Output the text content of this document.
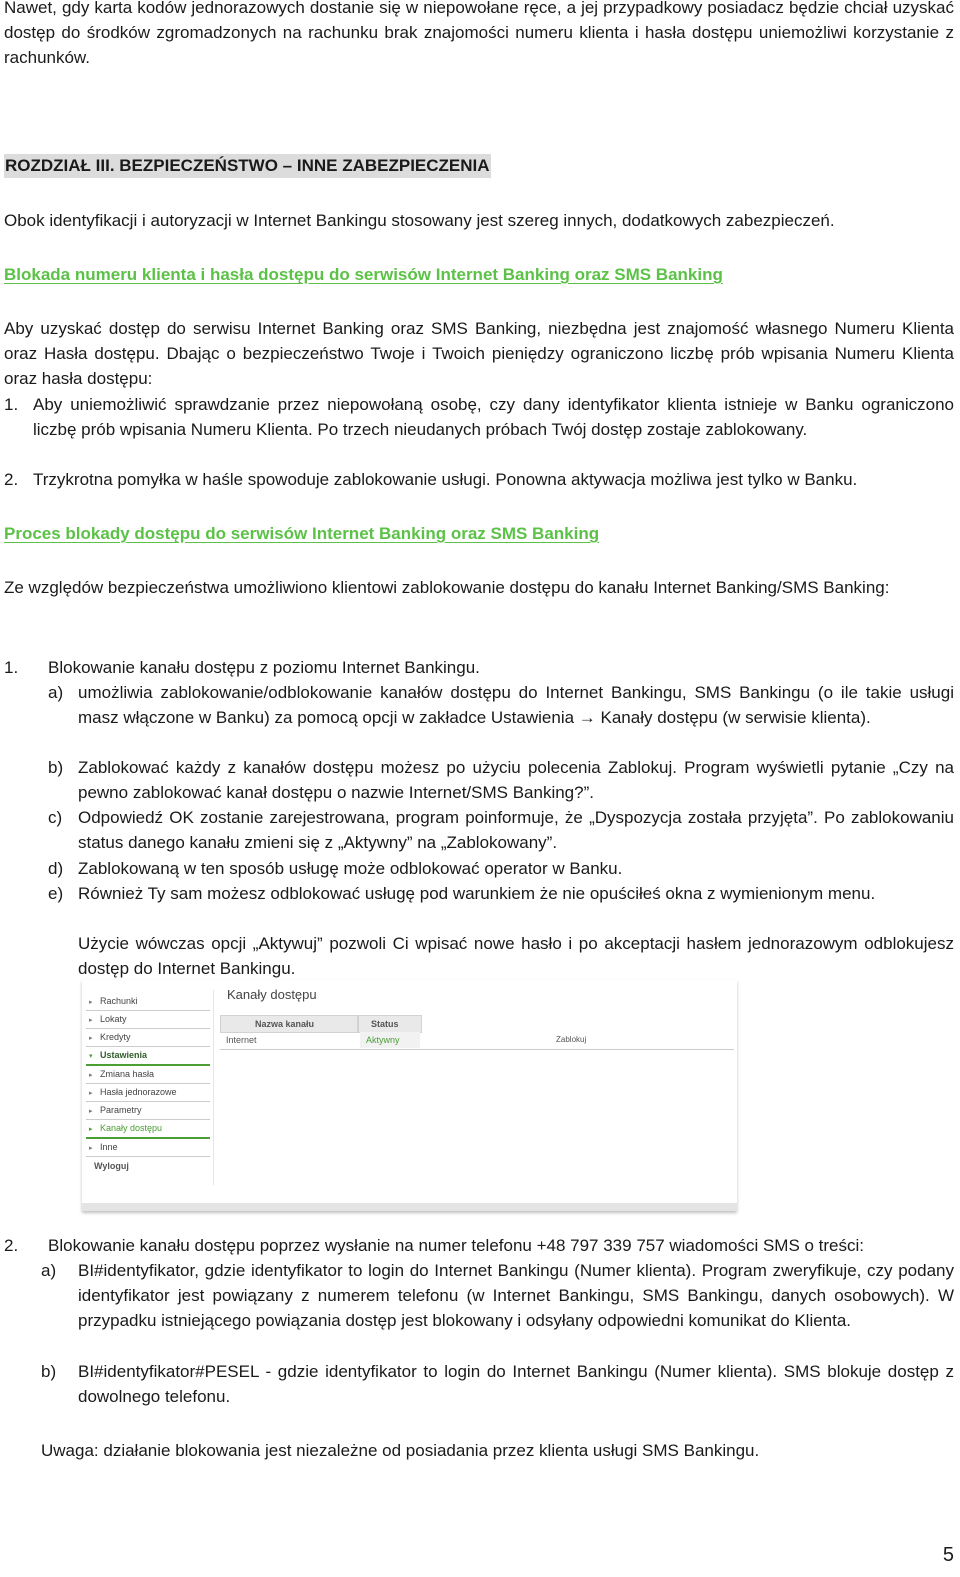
Nawet, gdy karta kodów jednorazowych dostanie się w niepowołane ręce, a jej przypadkowy posiadacz będzie chciał uzyskać dostęp do środków zgromadzonych na rachunku brak znajomości numeru klienta i hasła dostępu uniemożliwi korzystanie z rachunków.

ROZDZIAŁ III. BEZPIECZEŃSTWO – INNE ZABEZPIECZENIA

Obok identyfikacji i autoryzacji w Internet Bankingu stosowany jest szereg innych, dodatkowych zabezpieczeń.

Blokada numeru klienta i hasła dostępu do serwisów Internet Banking oraz SMS Banking

Aby uzyskać dostęp do serwisu Internet Banking oraz SMS Banking, niezbędna jest znajomość własnego Numeru Klienta oraz Hasła dostępu. Dbając o bezpieczeństwo Twoje i Twoich pieniędzy ograniczono liczbę prób wpisania Numeru Klienta oraz hasła dostępu:

1. Aby uniemożliwić sprawdzanie przez niepowołaną osobę, czy dany identyfikator klienta istnieje w Banku ograniczono liczbę prób wpisania Numeru Klienta. Po trzech nieudanych próbach Twój dostęp zostaje zablokowany.
2. Trzykrotna pomyłka w haśle spowoduje zablokowanie usługi. Ponowna aktywacja możliwa jest tylko w Banku.
Proces blokady dostępu do serwisów Internet Banking oraz SMS Banking

Ze względów bezpieczeństwa umożliwiono klientowi zablokowanie dostępu do kanału Internet Banking/SMS Banking:

1. Blokowanie kanału dostępu z poziomu Internet Bankingu.
a) umożliwia zablokowanie/odblokowanie kanałów dostępu do Internet Bankingu, SMS Bankingu (o ile takie usługi masz włączone w Banku) za pomocą opcji w zakładce Ustawienia → Kanały dostępu (w serwisie klienta).
b) Zablokować każdy z kanałów dostępu możesz po użyciu polecenia Zablokuj. Program wyświetli pytanie „Czy na pewno zablokować kanał dostępu o nazwie Internet/SMS Banking?”.
c) Odpowiedź OK zostanie zarejestrowana, program poinformuje, że „Dyspozycja została przyjęta”. Po zablokowaniu status danego kanału zmieni się z „Aktywny” na „Zablokowany”.
d) Zablokowaną w ten sposób usługę może odblokować operator w Banku.
e) Również Ty sam możesz odblokować usługę pod warunkiem że nie opuściłeś okna z wymienionym menu.
Użycie wówczas opcji „Aktywuj” pozwoli Ci wpisać nowe hasło i po akceptacji hasłem jednorazowym odblokujesz dostęp do Internet Bankingu.
▸ Rachunki
▸ Lokaty
▸ Kredyty
▾ Ustawienia
▸ Zmiana hasła
▸ Hasła jednorazowe
▸ Parametry
▸ Kanały dostępu
▸ Inne
Wyloguj
Kanały dostępu
Nazwa kanału	Status
Internet	Aktywny	Zablokuj
2. Blokowanie kanału dostępu poprzez wysłanie na numer telefonu +48 797 339 757 wiadomości SMS o treści:
a) BI#identyfikator, gdzie identyfikator to login do Internet Bankingu (Numer klienta). Program zweryfikuje, czy podany identyfikator jest powiązany z numerem telefonu (w Internet Bankingu, SMS Bankingu, danych osobowych). W przypadku istniejącego powiązania dostęp jest blokowany i odsyłany odpowiedni komunikat do Klienta.
b) BI#identyfikator#PESEL - gdzie identyfikator to login do Internet Bankingu (Numer klienta). SMS blokuje dostęp z dowolnego telefonu.
Uwaga: działanie blokowania jest niezależne od posiadania przez klienta usługi SMS Bankingu.
5
